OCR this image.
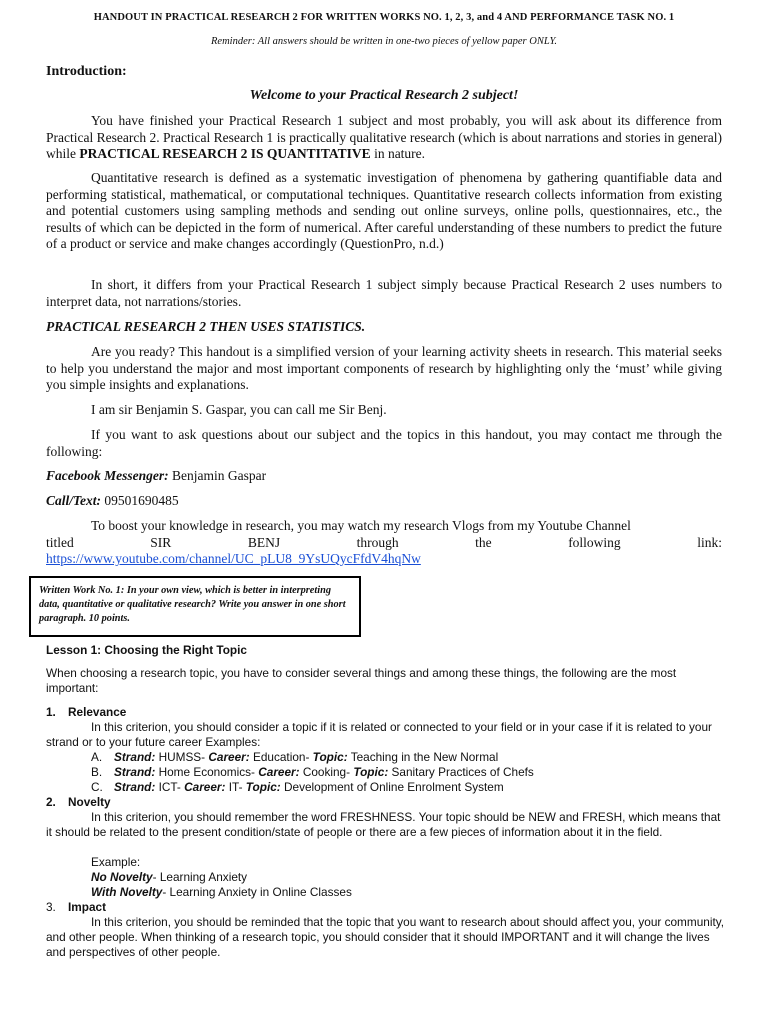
HANDOUT IN PRACTICAL RESEARCH 2 FOR WRITTEN WORKS NO. 1, 2, 3, and 4 AND PERFORMANCE TASK NO. 1
Reminder: All answers should be written in one-two pieces of yellow paper ONLY.
Introduction:
Welcome to your Practical Research 2 subject!
You have finished your Practical Research 1 subject and most probably, you will ask about its difference from Practical Research 2. Practical Research 1 is practically qualitative research (which is about narrations and stories in general) while PRACTICAL RESEARCH 2 IS QUANTITATIVE in nature.
Quantitative research is defined as a systematic investigation of phenomena by gathering quantifiable data and performing statistical, mathematical, or computational techniques. Quantitative research collects information from existing and potential customers using sampling methods and sending out online surveys, online polls, questionnaires, etc., the results of which can be depicted in the form of numerical. After careful understanding of these numbers to predict the future of a product or service and make changes accordingly (QuestionPro, n.d.)
In short, it differs from your Practical Research 1 subject simply because Practical Research 2 uses numbers to interpret data, not narrations/stories.
PRACTICAL RESEARCH 2 THEN USES STATISTICS.
Are you ready? This handout is a simplified version of your learning activity sheets in research. This material seeks to help you understand the major and most important components of research by highlighting only the ‘must’ while giving you simple insights and explanations.
I am sir Benjamin S. Gaspar, you can call me Sir Benj.
If you want to ask questions about our subject and the topics in this handout, you may contact me through the following:
Facebook Messenger: Benjamin Gaspar
Call/Text: 09501690485
To boost your knowledge in research, you may watch my research Vlogs from my Youtube Channel
titled	SIR	BENJ	through	the	following	link:
https://www.youtube.com/channel/UC_pLU8_9YsUQycFfdV4hqNw
.
Written Work No. 1: In your own view, which is better in interpreting data, quantitative or qualitative research? Write you answer in one short paragraph. 10 points.
Lesson 1: Choosing the Right Topic
When choosing a research topic, you have to consider several things and among these things, the following are the most important:
1. Relevance
In this criterion, you should consider a topic if it is related or connected to your field or in your case if it is related to your strand or to your future career Examples:
A. Strand: HUMSS- Career: Education- Topic: Teaching in the New Normal
B. Strand: Home Economics- Career: Cooking- Topic: Sanitary Practices of Chefs
C. Strand: ICT- Career: IT- Topic: Development of Online Enrolment System
2. Novelty
In this criterion, you should remember the word FRESHNESS. Your topic should be NEW and FRESH, which means that it should be related to the present condition/state of people or there are a few pieces of information about it in the field.
Example:
No Novelty- Learning Anxiety
With Novelty- Learning Anxiety in Online Classes
3. Impact
In this criterion, you should be reminded that the topic that you want to research about should affect you, your community, and other people. When thinking of a research topic, you should consider that it should IMPORTANT and it will change the lives and perspectives of other people.
